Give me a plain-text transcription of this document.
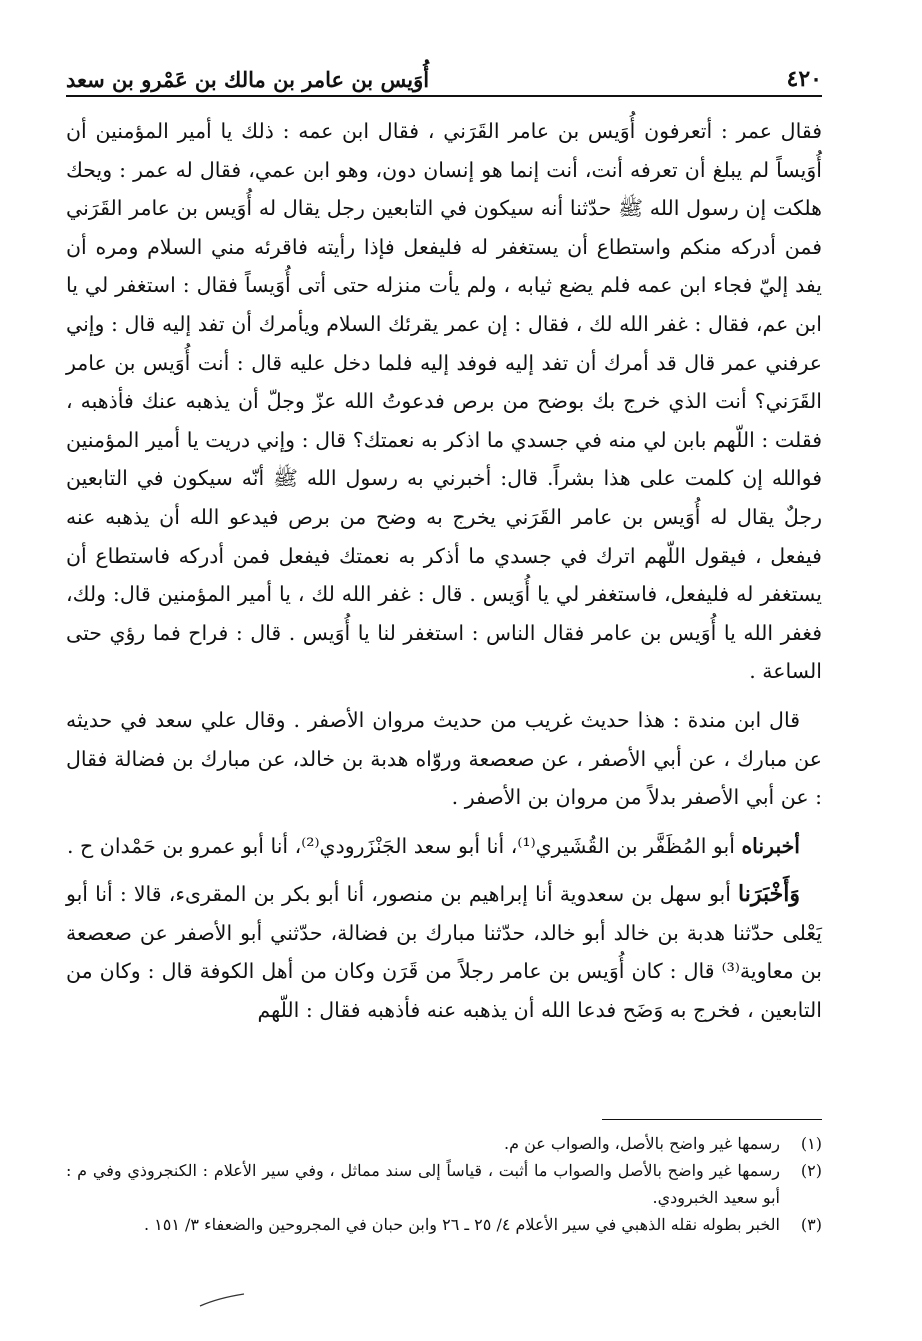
٤٢٠
أُوَيس بن عامر بن مالك بن عَمْرو بن سعد

فقال عمر : أتعرفون أُوَيس بن عامر القَرَني ، فقال ابن عمه : ذلك يا أمير المؤمنين أن أُوَيساً لم يبلغ أن تعرفه أنت، أنت إنما هو إنسان دون، وهو ابن عمي، فقال له عمر : ويحك هلكت إن رسول الله ﷺ حدّثنا أنه سيكون في التابعين رجل يقال له أُوَيس بن عامر القَرَني فمن أدركه منكم واستطاع أن يستغفر له فليفعل فإذا رأيته فاقرئه مني السلام ومره أن يفد إليّ فجاء ابن عمه فلم يضع ثيابه ، ولم يأت منزله حتى أتى أُوَيساً فقال : استغفر لي يا ابن عم، فقال : غفر الله لك ، فقال : إن عمر يقرئك السلام ويأمرك أن تفد إليه قال : وإني عرفني عمر قال قد أمرك أن تفد إليه فوفد إليه فلما دخل عليه قال : أنت أُوَيس بن عامر القَرَني؟ أنت الذي خرج بك بوضح من برص فدعوتُ الله عزّ وجلّ أن يذهبه عنك فأذهبه ، فقلت : اللّهم بابن لي منه في جسدي ما اذكر به نعمتك؟ قال : وإني دريت يا أمير المؤمنين فوالله إن كلمت على هذا بشراً. قال: أخبرني به رسول الله ﷺ أنّه سيكون في التابعين رجلٌ يقال له أُوَيس بن عامر القَرَني يخرج به وضح من برص فيدعو الله أن يذهبه عنه فيفعل ، فيقول اللّهم اترك في جسدي ما أذكر به نعمتك فيفعل فمن أدركه فاستطاع أن يستغفر له فليفعل، فاستغفر لي يا أُوَيس . قال : غفر الله لك ، يا أمير المؤمنين قال: ولك، فغفر الله يا أُوَيس بن عامر فقال الناس : استغفر لنا يا أُوَيس . قال : فراح فما رؤي حتى الساعة .

قال ابن مندة : هذا حديث غريب من حديث مروان الأصفر . وقال علي سعد في حديثه عن مبارك ، عن أبي الأصفر ، عن صعصعة وروّاه هدبة بن خالد، عن مبارك بن فضالة فقال : عن أبي الأصفر بدلاً من مروان بن الأصفر .

أخبرناه أبو المُظَفَّر بن القُشَيري⁽¹⁾، أنا أبو سعد الجَنْزَرودي⁽²⁾، أنا أبو عمرو بن حَمْدان ح .

وَأَخْبَرَنا أبو سهل بن سعدوية أنا إبراهيم بن منصور، أنا أبو بكر بن المقرىء، قالا : أنا أبو يَعْلى حدّثنا هدبة بن خالد أبو خالد، حدّثنا مبارك بن فضالة، حدّثني أبو الأصفر عن صعصعة بن معاوية⁽³⁾ قال : كان أُوَيس بن عامر رجلاً من قَرَن وكان من أهل الكوفة قال : وكان من التابعين ، فخرج به وَضَح فدعا الله أن يذهبه عنه فأذهبه فقال : اللّهم

(١)
رسمها غير واضح بالأصل، والصواب عن م.
(٢)
رسمها غير واضح بالأصل والصواب ما أثبت ، قياساً إلى سند مماثل ، وفي سير الأعلام : الكنجروذي وفي م : أبو سعيد الخبرودي.
(٣)
الخبر بطوله نقله الذهبي في سير الأعلام ٤/ ٢٥ ـ ٢٦ وابن حبان في المجروحين والضعفاء ٣/ ١٥١ .
